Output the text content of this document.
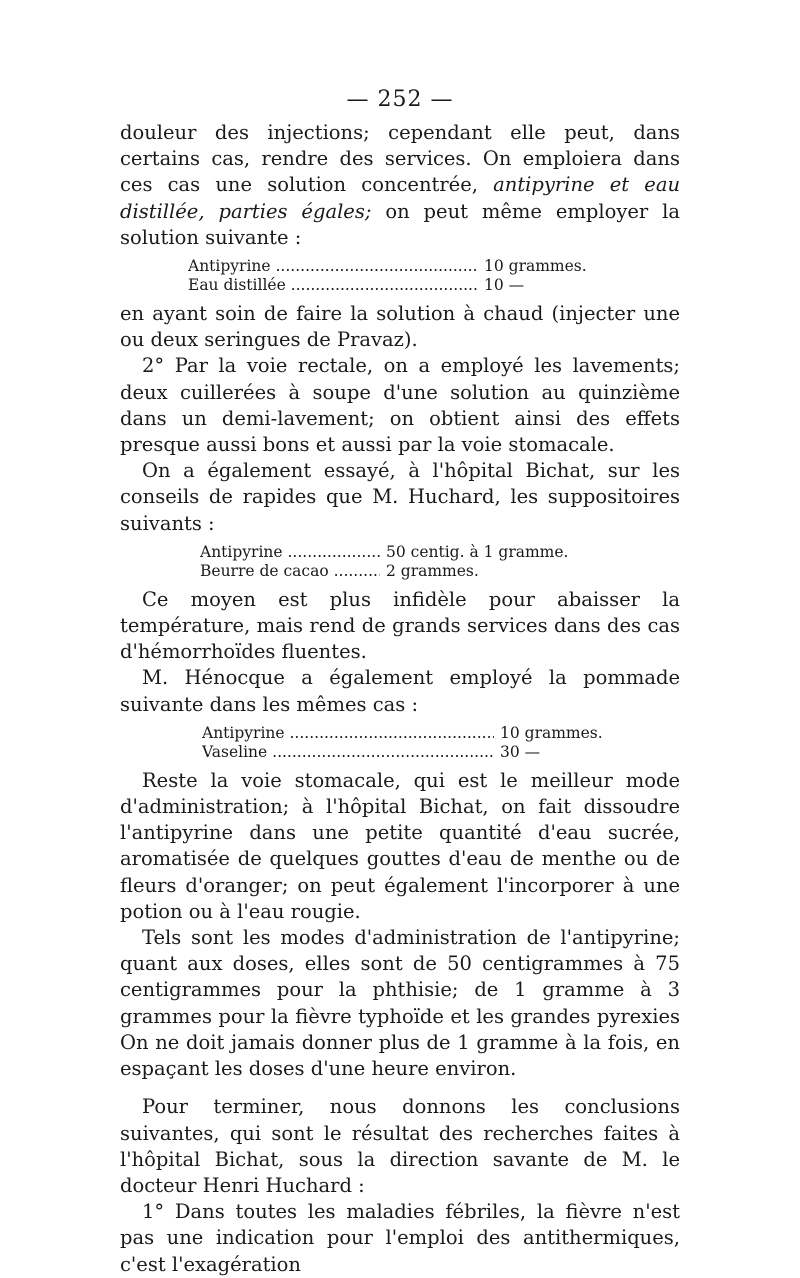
— 252 —

douleur des injections; cependant elle peut, dans certains cas, rendre des services. On emploiera dans ces cas une solution concentrée, antipyrine et eau distillée, parties égales; on peut même employer la solution suivante :

Antipyrine .....	10 grammes.
Eau distillée .....	10 —

en ayant soin de faire la solution à chaud (injecter une ou deux seringues de Pravaz).

2° Par la voie rectale, on a employé les lavements; deux cuillerées à soupe d'une solution au quinzième dans un demi-lavement; on obtient ainsi des effets presque aussi bons et aussi par la voie stomacale.

On a également essayé, à l'hôpital Bichat, sur les conseils de rapides que M. Huchard, les suppositoires suivants :

Antipyrine .....	50 centig. à 1 gramme.
Beurre de cacao .....	2 grammes.

Ce moyen est plus infidèle pour abaisser la température, mais rend de grands services dans des cas d'hémorrhoïdes fluentes.

M. Hénocque a également employé la pommade suivante dans les mêmes cas :

Antipyrine .....	10 grammes.
Vaseline .....	30 —

Reste la voie stomacale, qui est le meilleur mode d'administration; à l'hôpital Bichat, on fait dissoudre l'antipyrine dans une petite quantité d'eau sucrée, aromatisée de quelques gouttes d'eau de menthe ou de fleurs d'oranger; on peut également l'incorporer à une potion ou à l'eau rougie.

Tels sont les modes d'administration de l'antipyrine; quant aux doses, elles sont de 50 centigrammes à 75 centigrammes pour la phthisie; de 1 gramme à 3 grammes pour la fièvre typhoïde et les grandes pyrexies On ne doit jamais donner plus de 1 gramme à la fois, en espaçant les doses d'une heure environ.

Pour terminer, nous donnons les conclusions suivantes, qui sont le résultat des recherches faites à l'hôpital Bichat, sous la direction savante de M. le docteur Henri Huchard :

1° Dans toutes les maladies fébriles, la fièvre n'est pas une indication pour l'emploi des antithermiques, c'est l'exagération
